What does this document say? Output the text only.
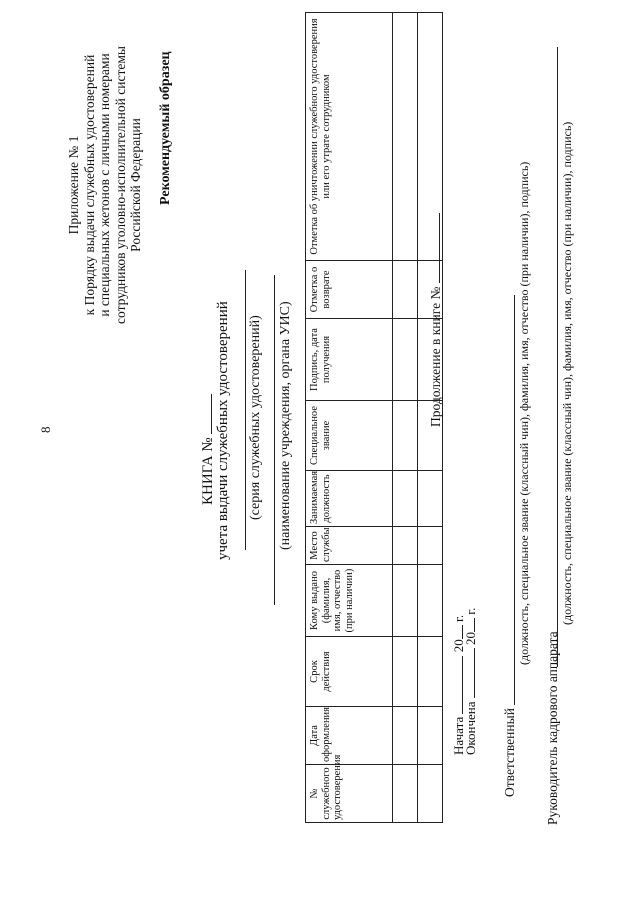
8
Приложение № 1 к Порядку выдачи служебных удостоверений и специальных жетонов с личными номерами сотрудников уголовно-исполнительной системы Российской Федерации Рекомендуемый образец
КНИГА № учета выдачи служебных удостоверений (серия служебных удостоверений) (наименование учреждения, органа УИС)
№ служебного удостоверения	Дата оформления	Срок действия	Кому выдано (фамилия, имя, отчество (при наличии)	Место службы	Занимаемая должность	Специальное звание	Подпись, дата получения	Отметка о возврате	Отметка об уничтожении служебного удостоверения или его утрате сотрудником

Начата  20 г.
Окончена  20 г.
Продолжение в книге №
Ответственный
(должность, специальное звание (классный чин), фамилия, имя, отчество (при наличии), подпись)
Руководитель кадрового аппарата
(должность, специальное звание (классный чин), фамилия, имя, отчество (при наличии), подпись)
